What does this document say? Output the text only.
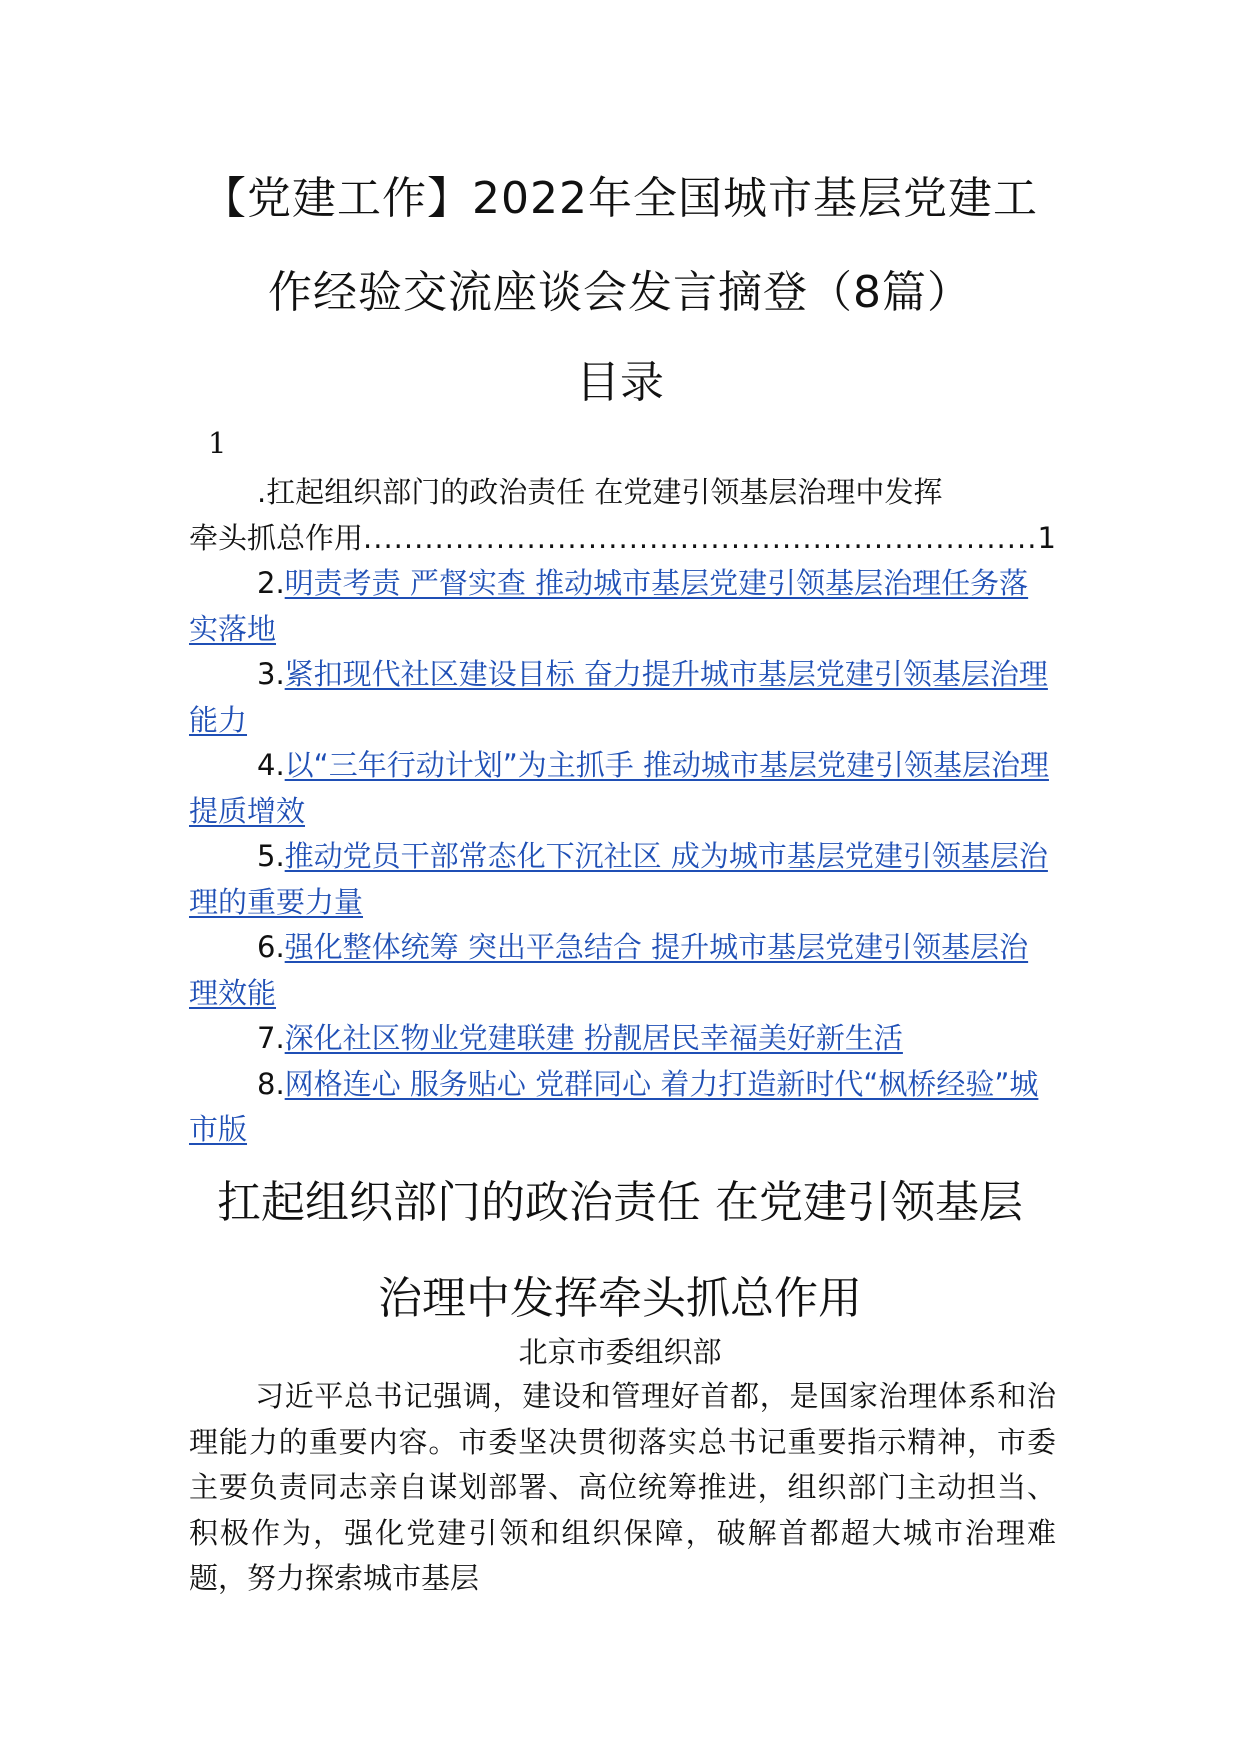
【党建工作】2022年全国城市基层党建工
作经验交流座谈会发言摘登（8篇）
目录
1

.扛起组织部门的政治责任 在党建引领基层治理中发挥

牵头抓总作用
.....	1

2.明责考责 严督实查 推动城市基层党建引领基层治理任务落实落地

3.紧扣现代社区建设目标 奋力提升城市基层党建引领基层治理能力

4.以“三年行动计划”为主抓手 推动城市基层党建引领基层治理提质增效

5.推动党员干部常态化下沉社区 成为城市基层党建引领基层治理的重要力量

6.强化整体统筹 突出平急结合 提升城市基层党建引领基层治理效能

7.深化社区物业党建联建 扮靓居民幸福美好新生活

8.网格连心 服务贴心 党群同心 着力打造新时代“枫桥经验”城市版

扛起组织部门的政治责任 在党建引领基层
治理中发挥牵头抓总作用
北京市委组织部

习近平总书记强调，建设和管理好首都，是国家治理体系和治理能力的重要内容。市委坚决贯彻落实总书记重要指示精神，市委主要负责同志亲自谋划部署、高位统筹推进，组织部门主动担当、积极作为，强化党建引领和组织保障，破解首都超大城市治理难题，努力探索城市基层
